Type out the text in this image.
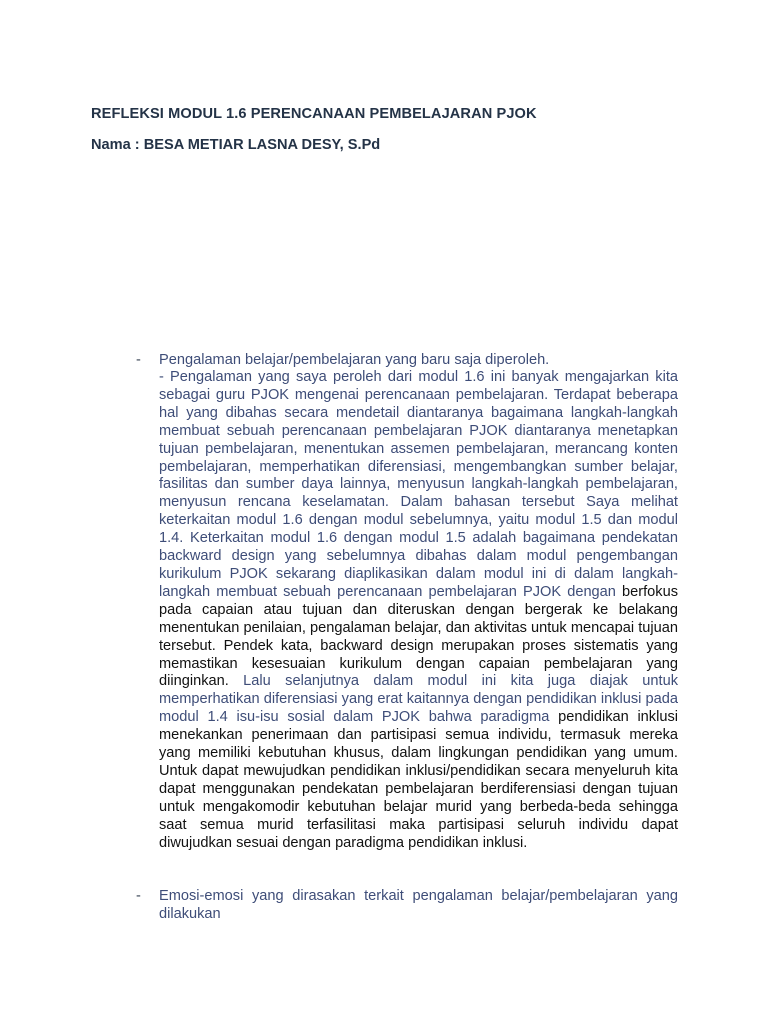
REFLEKSI MODUL 1.6 PERENCANAAN PEMBELAJARAN PJOK

Nama : BESA METIAR LASNA DESY, S.Pd

- Pengalaman belajar/pembelajaran yang baru saja diperoleh.

- Pengalaman yang saya peroleh dari modul 1.6 ini banyak mengajarkan kita sebagai guru PJOK mengenai perencanaan pembelajaran. Terdapat beberapa hal yang dibahas secara mendetail diantaranya bagaimana langkah-langkah membuat sebuah perencanaan pembelajaran PJOK diantaranya menetapkan tujuan pembelajaran, menentukan assemen pembelajaran, merancang konten pembelajaran, memperhatikan diferensiasi, mengembangkan sumber belajar, fasilitas dan sumber daya lainnya, menyusun langkah-langkah pembelajaran, menyusun rencana keselamatan. Dalam bahasan tersebut Saya melihat keterkaitan modul 1.6 dengan modul sebelumnya, yaitu modul 1.5 dan modul 1.4. Keterkaitan modul 1.6 dengan modul 1.5 adalah bagaimana pendekatan backward design yang sebelumnya dibahas dalam modul pengembangan kurikulum PJOK sekarang diaplikasikan dalam modul ini di dalam langkah-langkah membuat sebuah perencanaan pembelajaran PJOK dengan berfokus pada capaian atau tujuan dan diteruskan dengan bergerak ke belakang menentukan penilaian, pengalaman belajar, dan aktivitas untuk mencapai tujuan tersebut. Pendek kata, backward design merupakan proses sistematis yang memastikan kesesuaian kurikulum dengan capaian pembelajaran yang diinginkan. Lalu selanjutnya dalam modul ini kita juga diajak untuk memperhatikan diferensiasi yang erat kaitannya dengan pendidikan inklusi pada modul 1.4 isu-isu sosial dalam PJOK bahwa paradigma pendidikan inklusi menekankan penerimaan dan partisipasi semua individu, termasuk mereka yang memiliki kebutuhan khusus, dalam lingkungan pendidikan yang umum. Untuk dapat mewujudkan pendidikan inklusi/pendidikan secara menyeluruh kita dapat menggunakan pendekatan pembelajaran berdiferensiasi dengan tujuan untuk mengakomodir kebutuhan belajar murid yang berbeda-beda sehingga saat semua murid terfasilitasi maka partisipasi seluruh individu dapat diwujudkan sesuai dengan paradigma pendidikan inklusi.

- Emosi-emosi yang dirasakan terkait pengalaman belajar/pembelajaran yang dilakukan
